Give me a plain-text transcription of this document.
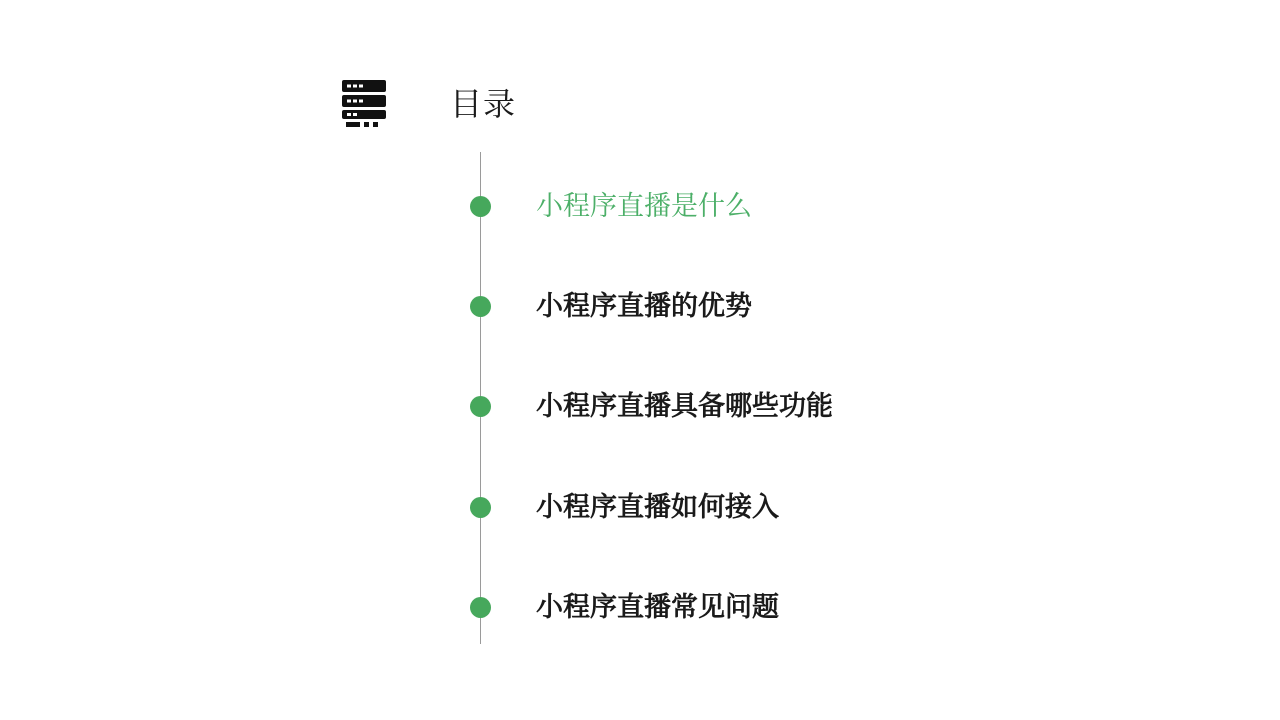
目录
小程序直播是什么
小程序直播的优势
小程序直播具备哪些功能
小程序直播如何接入
小程序直播常见问题
